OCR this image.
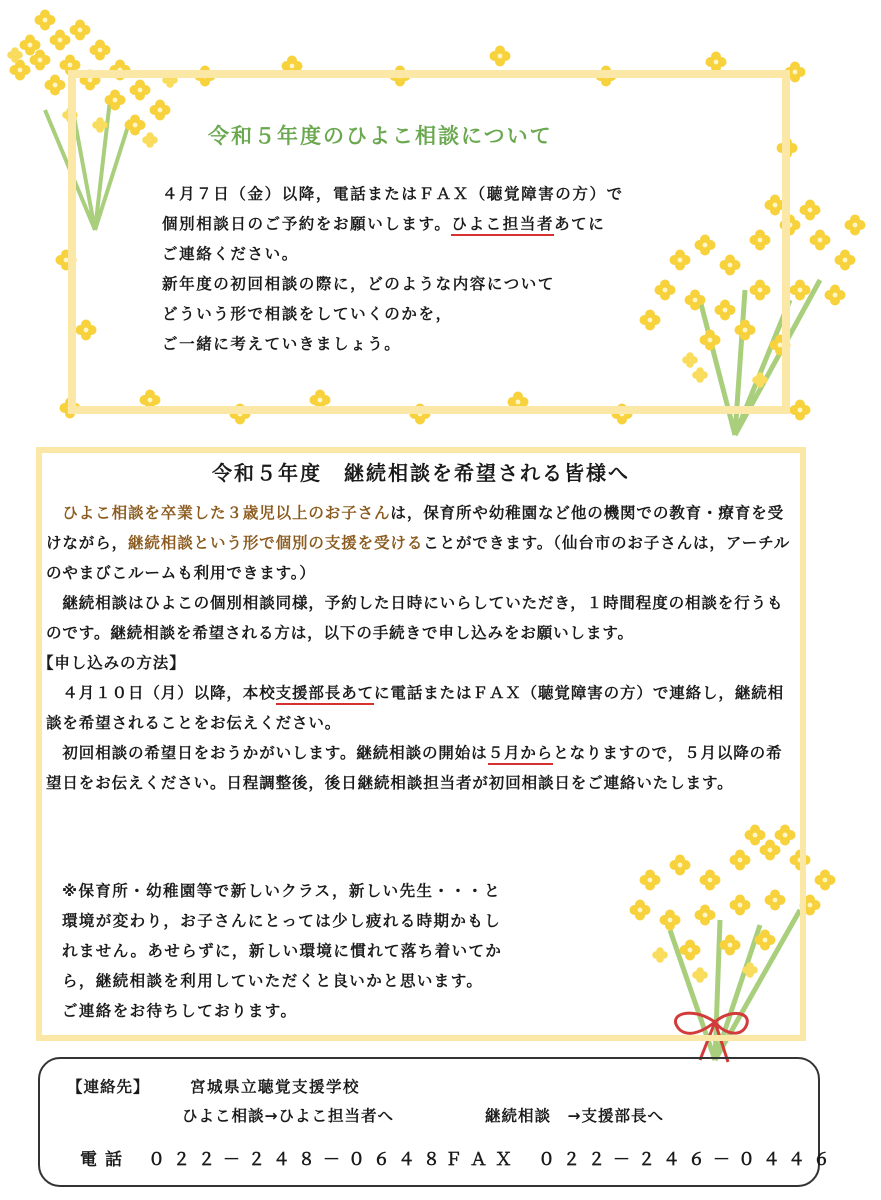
令和５年度のひよこ相談について

４月７日（金）以降，電話またはＦＡＸ（聴覚障害の方）で

個別相談日のご予約をお願いします。ひよこ担当者あてに

ご連絡ください。

新年度の初回相談の際に，どのような内容について

どういう形で相談をしていくのかを，

ご一緒に考えていきましょう。

令和５年度　継続相談を希望される皆様へ

　ひよこ相談を卒業した３歳児以上のお子さんは，保育所や幼稚園など他の機関での教育・療育を受けながら，継続相談という形で個別の支援を受けることができます。（仙台市のお子さんは，アーチルのやまびこルームも利用できます。）

　継続相談はひよこの個別相談同様，予約した日時にいらしていただき，１時間程度の相談を行うものです。継続相談を希望される方は，以下の手続きで申し込みをお願いします。

【申し込みの方法】

　４月１０日（月）以降，本校支援部長あてに電話またはＦＡＸ（聴覚障害の方）で連絡し，継続相談を希望されることをお伝えください。

　初回相談の希望日をおうかがいします。継続相談の開始は５月からとなりますので，５月以降の希望日をお伝えください。日程調整後，後日継続相談担当者が初回相談日をご連絡いたします。

※保育所・幼稚園等で新しいクラス，新しい先生・・・と

環境が変わり，お子さんにとっては少し疲れる時期かもし

れません。あせらずに，新しい環境に慣れて落ち着いてか

ら，継続相談を利用していただくと良いかと思います。

ご連絡をお待ちしております。

【連絡先】	宮城県立聴覚支援学校
ひよこ相談→ひよこ担当者へ	継続相談　→支援部長へ
電話 ０２２－２４８－０６４８
ＦＡＸ ０２２－２４６－０４４６
